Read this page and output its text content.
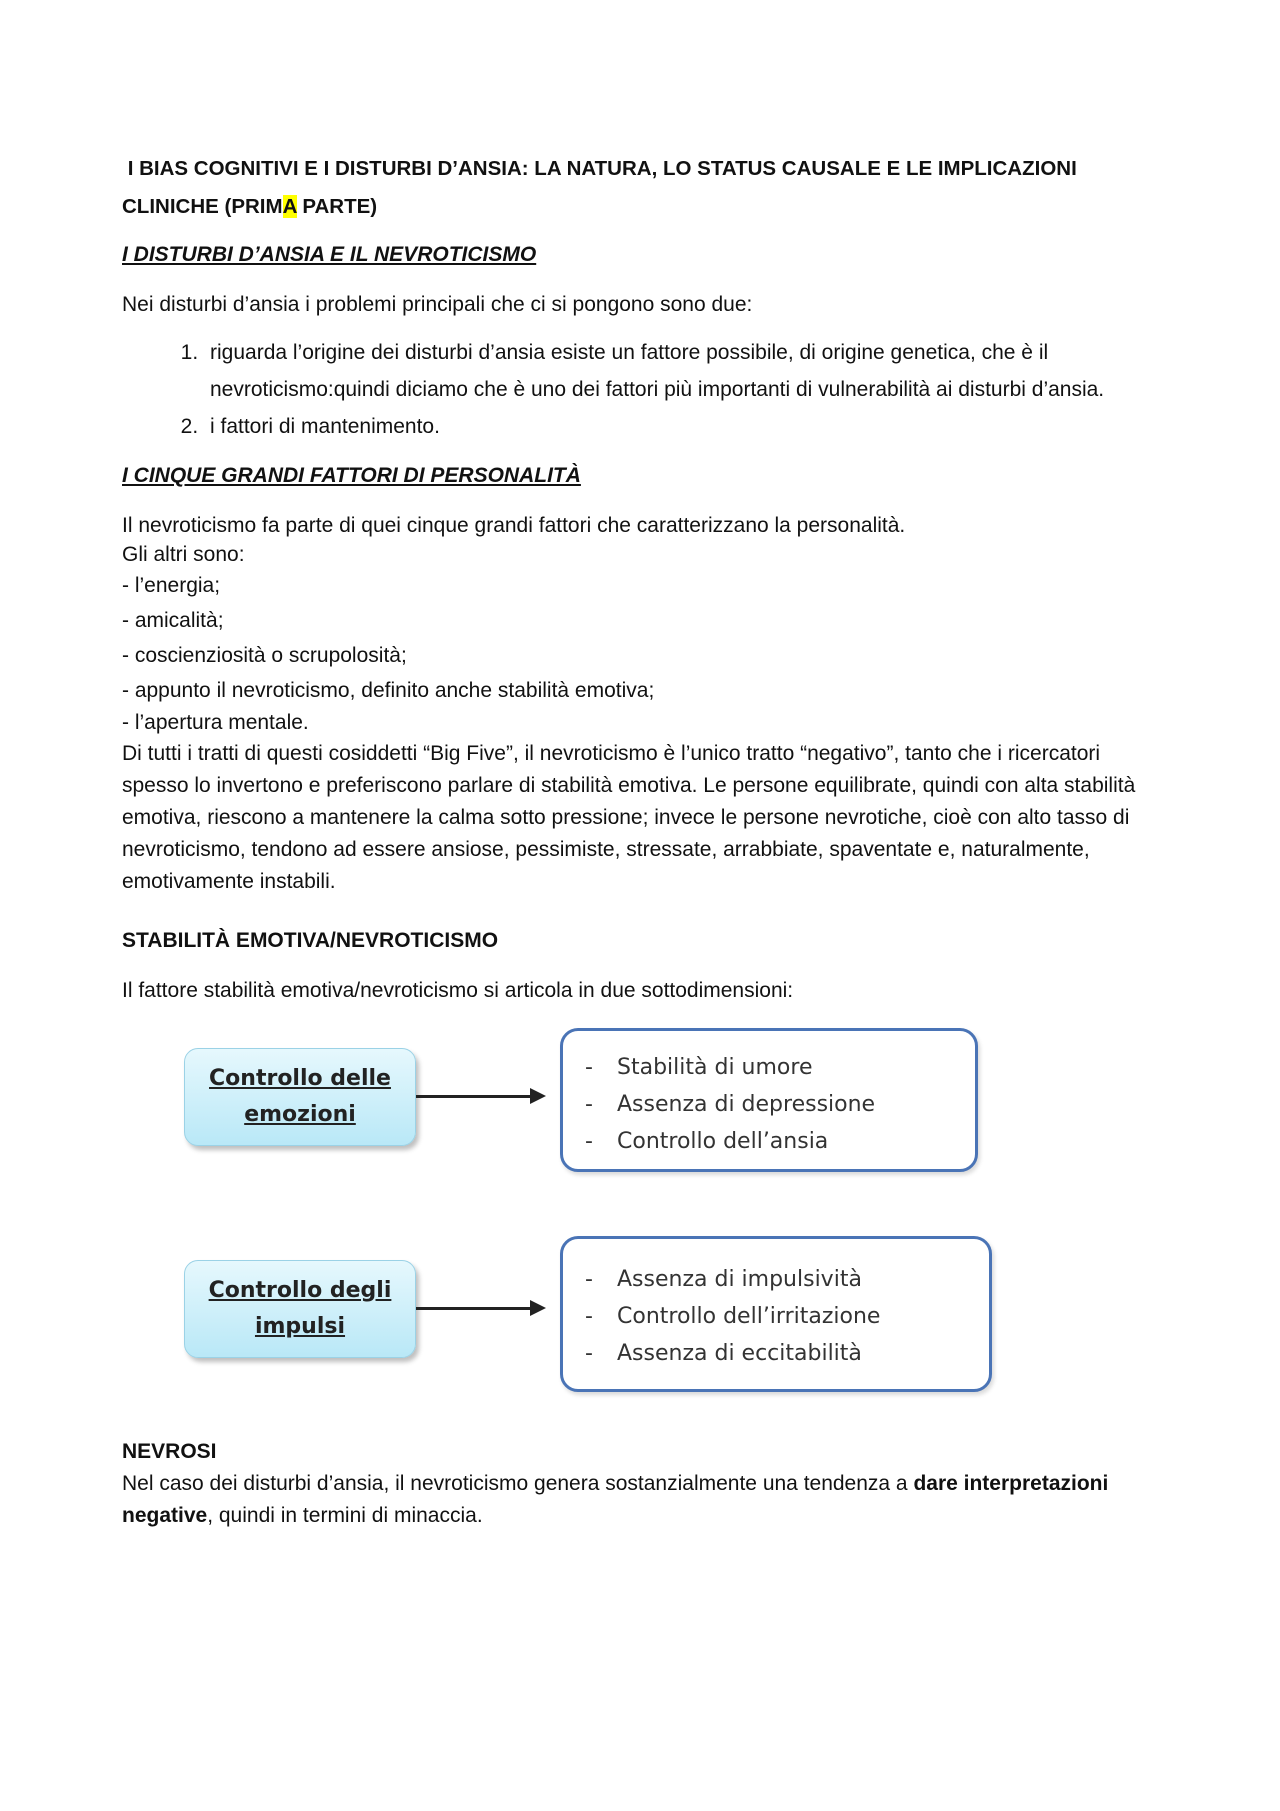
I BIAS COGNITIVI E I DISTURBI D’ANSIA: LA NATURA, LO STATUS CAUSALE E LE IMPLICAZIONI
CLINICHE (PRIMA PARTE)
I DISTURBI D’ANSIA E IL NEVROTICISMO

Nei disturbi d’ansia i problemi principali che ci si pongono sono due:

1. riguarda l’origine dei disturbi d’ansia esiste un fattore possibile, di origine genetica, che è il nevroticismo:quindi diciamo che è uno dei fattori più importanti di vulnerabilità ai disturbi d’ansia.
2. i fattori di mantenimento.
I CINQUE GRANDI FATTORI DI PERSONALITÀ

Il nevroticismo fa parte di quei cinque grandi fattori che caratterizzano la personalità.

Gli altri sono:

- l’energia;
- amicalità;
- coscienziosità o scrupolosità;
- appunto il nevroticismo, definito anche stabilità emotiva;
- l’apertura mentale.

Di tutti i tratti di questi cosiddetti “Big Five”, il nevroticismo è l’unico tratto “negativo”, tanto che i ricercatori spesso lo invertono e preferiscono parlare di stabilità emotiva. Le persone equilibrate, quindi con alta stabilità emotiva, riescono a mantenere la calma sotto pressione; invece le persone nevrotiche, cioè con alto tasso di nevroticismo, tendono ad essere ansiose, pessimiste, stressate, arrabbiate, spaventate e, naturalmente, emotivamente instabili.

STABILITÀ EMOTIVA/NEVROTICISMO

Il fattore stabilità emotiva/nevroticismo si articola in due sottodimensioni:

Controllo delle
emozioni
- Stabilità di umore
- Assenza di depressione
- Controllo dell’ansia
Controllo degli
impulsi
- Assenza di impulsività
- Controllo dell’irritazione
- Assenza di eccitabilità
NEVROSI

Nel caso dei disturbi d’ansia, il nevroticismo genera sostanzialmente una tendenza a dare interpretazioni negative, quindi in termini di minaccia.
